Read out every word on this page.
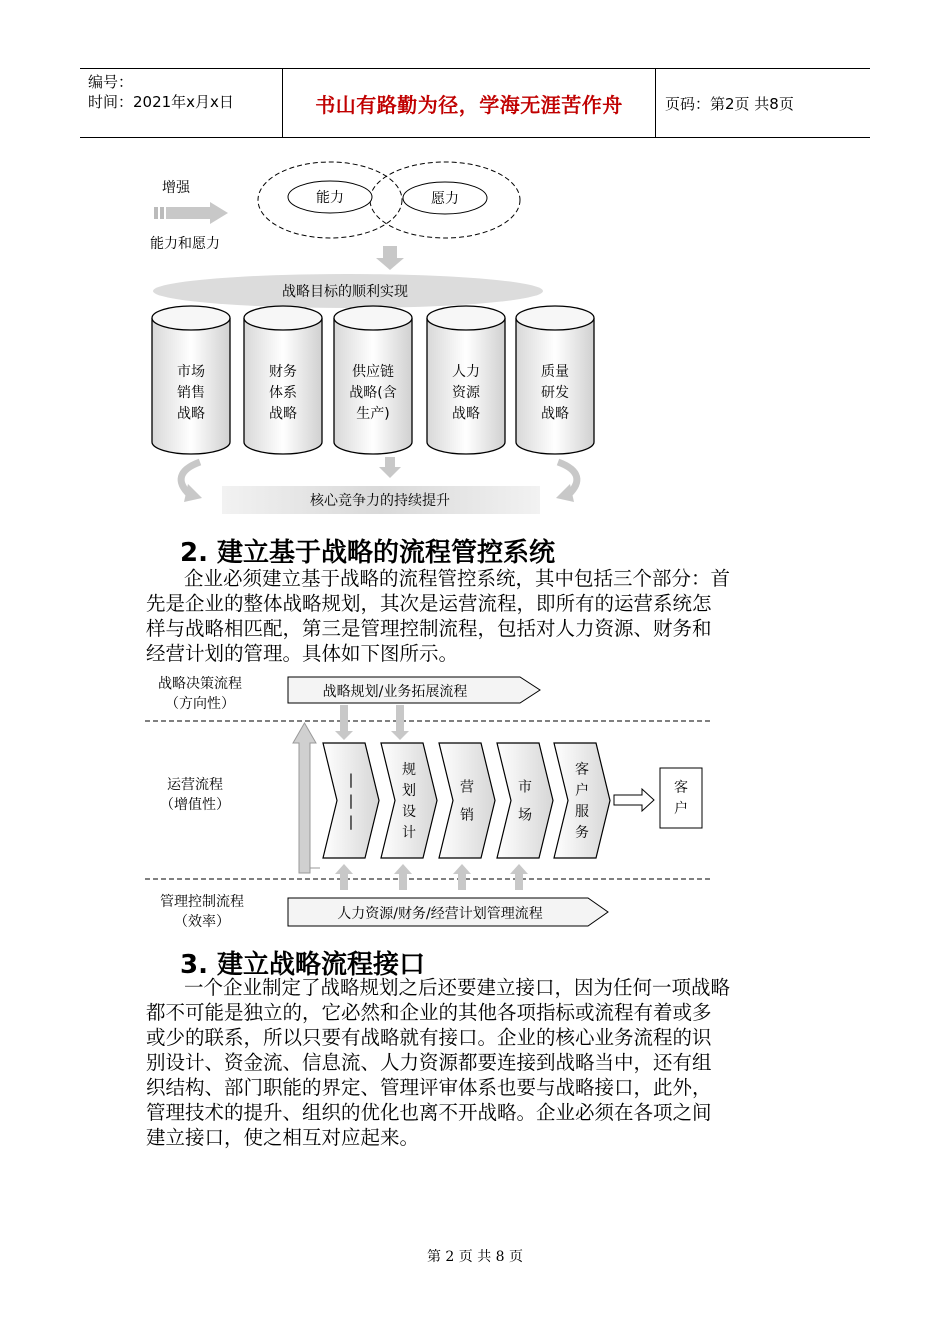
编号：
时间：2021年x月x日	书山有路勤为径，学海无涯苦作舟	页码：第2页 共8页
增强
能力和愿力
能力	愿力
战略目标的顺利实现
市场
销售
战略
财务
体系
战略
供应链
战略(含
生产)
人力
资源
战略
质量
研发
战略
核心竞争力的持续提升
2. 建立基于战略的流程管控系统
企业必须建立基于战略的流程管控系统，其中包括三个部分：首
先是企业的整体战略规划，其次是运营流程，即所有的运营系统怎
样与战略相匹配，第三是管理控制流程，包括对人力资源、财务和
经营计划的管理。具体如下图所示。
战略决策流程
（方向性）
战略规划/业务拓展流程
运营流程
（增值性）
|
|
|
规
划
设
计
营
销
市
场
客
户
服
务
客
户
管理控制流程
（效率）	人力资源/财务/经营计划管理流程
3. 建立战略流程接口
一个企业制定了战略规划之后还要建立接口，因为任何一项战略
都不可能是独立的，它必然和企业的其他各项指标或流程有着或多
或少的联系，所以只要有战略就有接口。企业的核心业务流程的识
别设计、资金流、信息流、人力资源都要连接到战略当中，还有组
织结构、部门职能的界定、管理评审体系也要与战略接口，此外，
管理技术的提升、组织的优化也离不开战略。企业必须在各项之间
建立接口，使之相互对应起来。
第 2 页 共 8 页
